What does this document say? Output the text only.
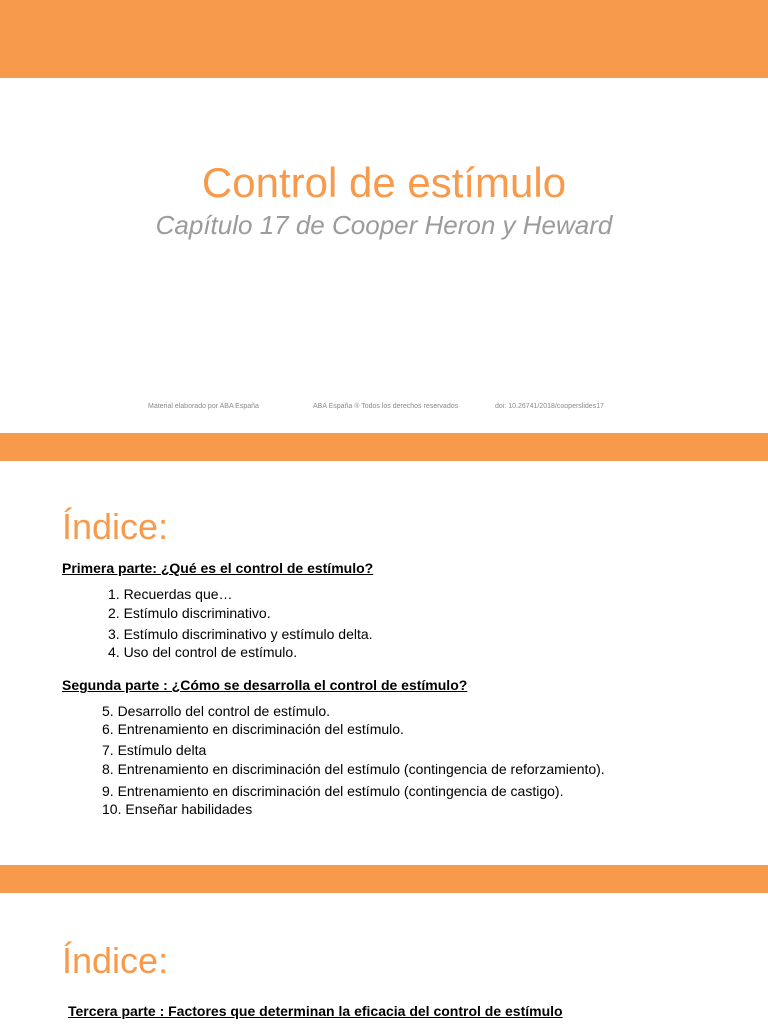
Control de estímulo

Capítulo 17 de Cooper Heron y Heward

Material elaborado por ABA España	ABA España ® Todos los derechos reservados	doi: 10.26741/2018/cooperslides17
Índice:

Primera parte: ¿Qué es el control de estímulo?

1. Recuerdas que…
2. Estímulo discriminativo.
3. Estímulo discriminativo y estímulo delta.
4. Uso del control de estímulo.

Segunda parte : ¿Cómo se desarrolla el control de estímulo?

5. Desarrollo del control de estímulo.
6. Entrenamiento en discriminación del estímulo.
7. Estímulo delta
8. Entrenamiento en discriminación del estímulo (contingencia de reforzamiento).
9. Entrenamiento en discriminación del estímulo (contingencia de castigo).
10. Enseñar habilidades
Índice:

Tercera parte : Factores que determinan la eficacia del control de estímulo
